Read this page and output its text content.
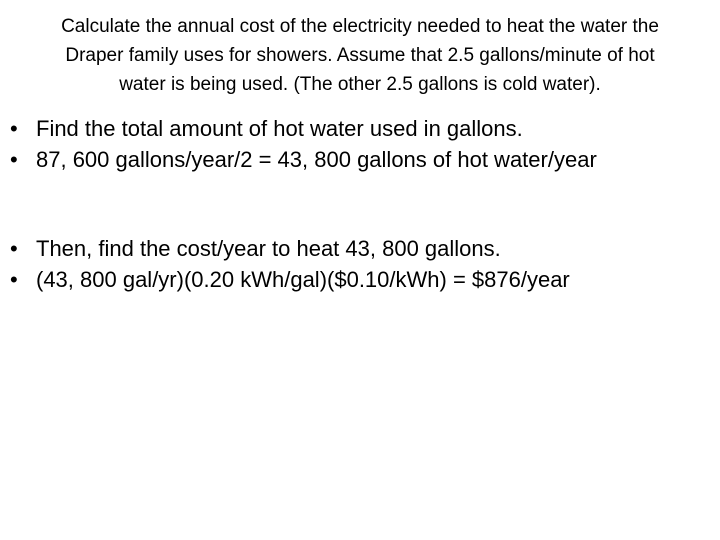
Calculate the annual cost of the electricity needed to heat the water the
Draper family uses for showers. Assume that 2.5 gallons/minute of hot
water is being used. (The other 2.5 gallons is cold water).
• Find the total amount of hot water used in gallons.
• 87, 600 gallons/year/2 = 43, 800 gallons of hot water/year
• Then, find the cost/year to heat 43, 800 gallons.
• (43, 800 gal/yr)(0.20 kWh/gal)($0.10/kWh) = $876/year
